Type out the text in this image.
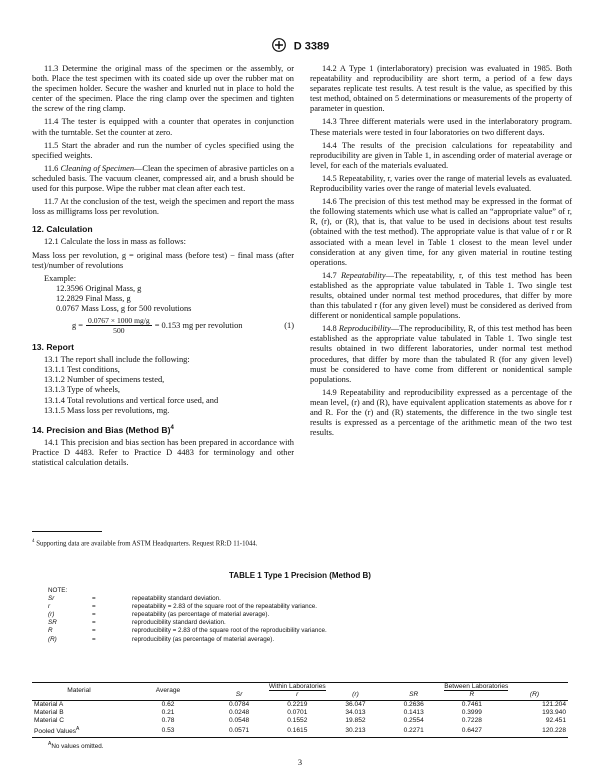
D 3389

11.3 Determine the original mass of the specimen or the assembly, or both. Place the test specimen with its coated side up over the rubber mat on the specimen holder. Secure the washer and knurled nut in place to hold the center of the specimen. Place the ring clamp over the specimen and tighten the screw of the ring clamp.

11.4 The tester is equipped with a counter that operates in conjunction with the turntable. Set the counter at zero.

11.5 Start the abrader and run the number of cycles specified using the specified weights.

11.6 Cleaning of Specimen—Clean the specimen of abrasive particles on a scheduled basis. The vacuum cleaner, compressed air, and a brush should be used for this purpose. Wipe the rubber mat clean after each test.

11.7 At the conclusion of the test, weigh the specimen and report the mass loss as milligrams loss per revolution.

12. Calculation

12.1 Calculate the loss in mass as follows:

Mass loss per revolution, g = original mass (before test) − final mass (after test)/number of revolutions

Example:

12.3596 Original Mass, g

12.2829 Final Mass, g

0.0767 Mass Loss, g for 500 revolutions

$g = \frac{0.0767 \times 1000 mg/g}{500} = 0.153$ mg per revolution	(1)
13. Report

13.1 The report shall include the following:

13.1.1 Test conditions,

13.1.2 Number of specimens tested,

13.1.3 Type of wheels,

13.1.4 Total revolutions and vertical force used, and

13.1.5 Mass loss per revolutions, mg.

14. Precision and Bias (Method B)$^4$

14.1 This precision and bias section has been prepared in accordance with Practice D 4483. Refer to Practice D 4483 for terminology and other statistical calculation details.

$^4$ Supporting data are available from ASTM Headquarters. Request RR:D 11-1044.

14.2 A Type 1 (interlaboratory) precision was evaluated in 1985. Both repeatability and reproducibility are short term, a period of a few days separates replicate test results. A test result is the value, as specified by this test method, obtained on 5 determinations or measurements of the property of parameter in question.

14.3 Three different materials were used in the interlaboratory program. These materials were tested in four laboratories on two different days.

14.4 The results of the precision calculations for repeatability and reproducibility are given in Table 1, in ascending order of material average or level, for each of the materials evaluated.

14.5 Repeatability, r, varies over the range of material levels as evaluated. Reproducibility varies over the range of material levels evaluated.

14.6 The precision of this test method may be expressed in the format of the following statements which use what is called an “appropriate value” of r, R, (r), or (R), that is, that value to be used in decisions about test results (obtained with the test method). The appropriate value is that value of r or R associated with a mean level in Table 1 closest to the mean level under consideration at any given time, for any given material in routine testing operations.

14.7 Repeatability—The repeatability, r, of this test method has been established as the appropriate value tabulated in Table 1. Two single test results, obtained under normal test method procedures, that differ by more than this tabulated r (for any given level) must be considered as derived from different or nonidentical sample populations.

14.8 Reproducibility—The reproducibility, R, of this test method has been established as the appropriate value tabulated in Table 1. Two single test results obtained in two different laboratories, under normal test method procedures, that differ by more than the tabulated R (for any given level) must be considered to have come from different or nonidentical sample populations.

14.9 Repeatability and reproducibility expressed as a percentage of the mean level, (r) and (R), have equivalent application statements as above for r and R. For the (r) and (R) statements, the difference in the two single test results is expressed as a percentage of the arithmetic mean of the two test results.

TABLE 1 Type 1 Precision (Method B)
NOTE:
Sr	=	repeatability standard deviation.
r	=	repeatability = 2.83 of the square root of the repeatability variance.
(r)	=	repeatability (as percentage of material average).
SR	=	reproducibility standard deviation.
R	=	reproducibility = 2.83 of the square root of the reproducibility variance.
(R)	=	reproducibility (as percentage of material average).
Material	Average	Within Laboratories			Between Laboratories		
		Sr	r	(r)	SR	R	(R)
Material A	0.62	0.0784	0.2219	36.047	0.2636	0.7461	121.204
Material B	0.21	0.0248	0.0701	34.013	0.1413	0.3999	193.940
Material C	0.78	0.0548	0.1552	19.852	0.2554	0.7228	92.451
Pooled Values$^A$	0.53	0.0571	0.1615	30.213	0.2271	0.6427	120.228
$^A$No values omitted.
3
